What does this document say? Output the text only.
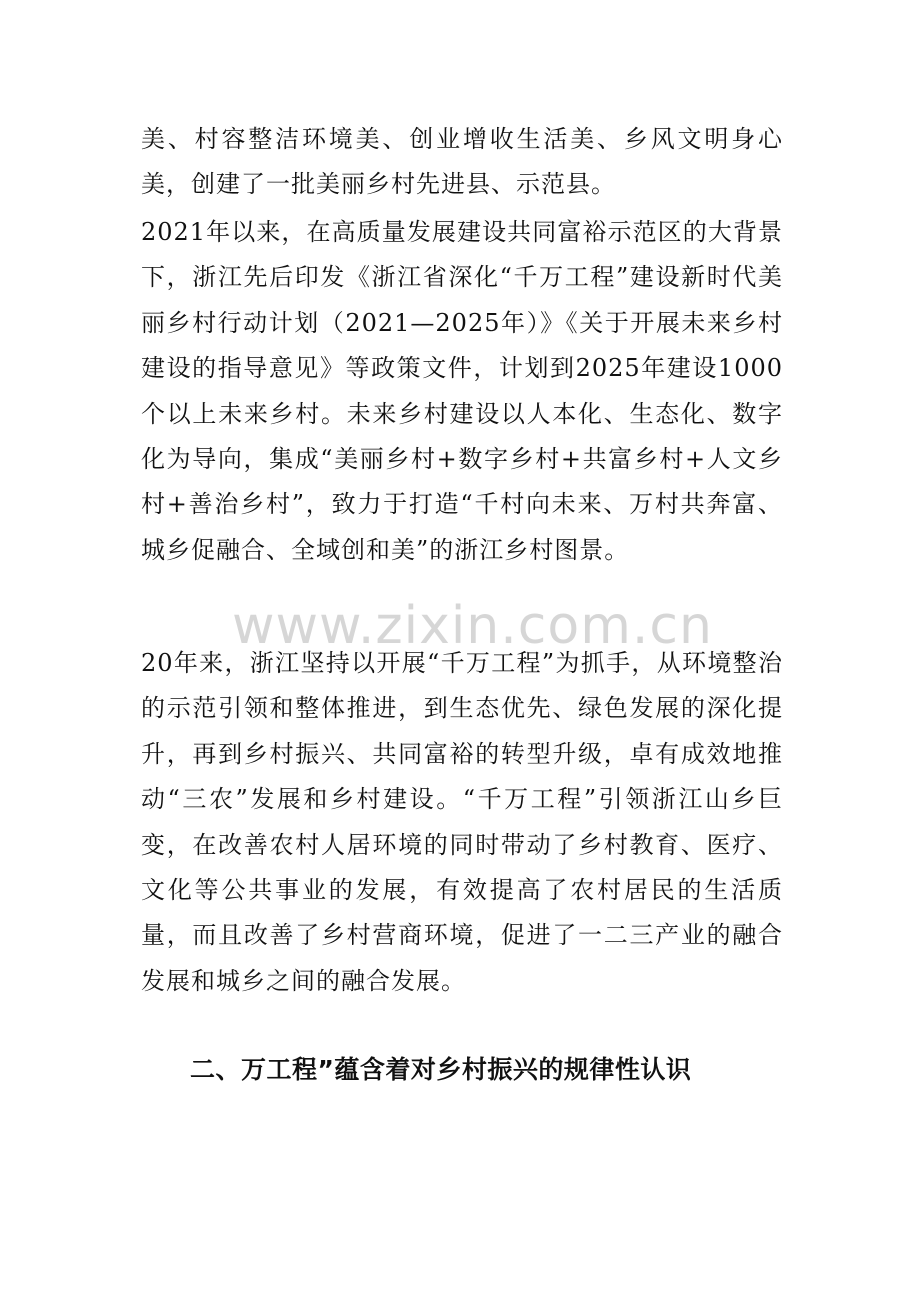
www.zixin.com.cn

美、村容整洁环境美、创业增收生活美、乡风文明身心美，创建了一批美丽乡村先进县、示范县。

2021年以来，在高质量发展建设共同富裕示范区的大背景下，浙江先后印发《浙江省深化“千万工程”建设新时代美丽乡村行动计划（2021—2025年）》《关于开展未来乡村建设的指导意见》等政策文件，计划到2025年建设1000个以上未来乡村。未来乡村建设以人本化、生态化、数字化为导向，集成“美丽乡村+数字乡村+共富乡村+人文乡村+善治乡村”，致力于打造“千村向未来、万村共奔富、城乡促融合、全域创和美”的浙江乡村图景。

20年来，浙江坚持以开展“千万工程”为抓手，从环境整治的示范引领和整体推进，到生态优先、绿色发展的深化提升，再到乡村振兴、共同富裕的转型升级，卓有成效地推动“三农”发展和乡村建设。“千万工程”引领浙江山乡巨变，在改善农村人居环境的同时带动了乡村教育、医疗、文化等公共事业的发展，有效提高了农村居民的生活质量，而且改善了乡村营商环境，促进了一二三产业的融合发展和城乡之间的融合发展。

二、万工程”蕴含着对乡村振兴的规律性认识
